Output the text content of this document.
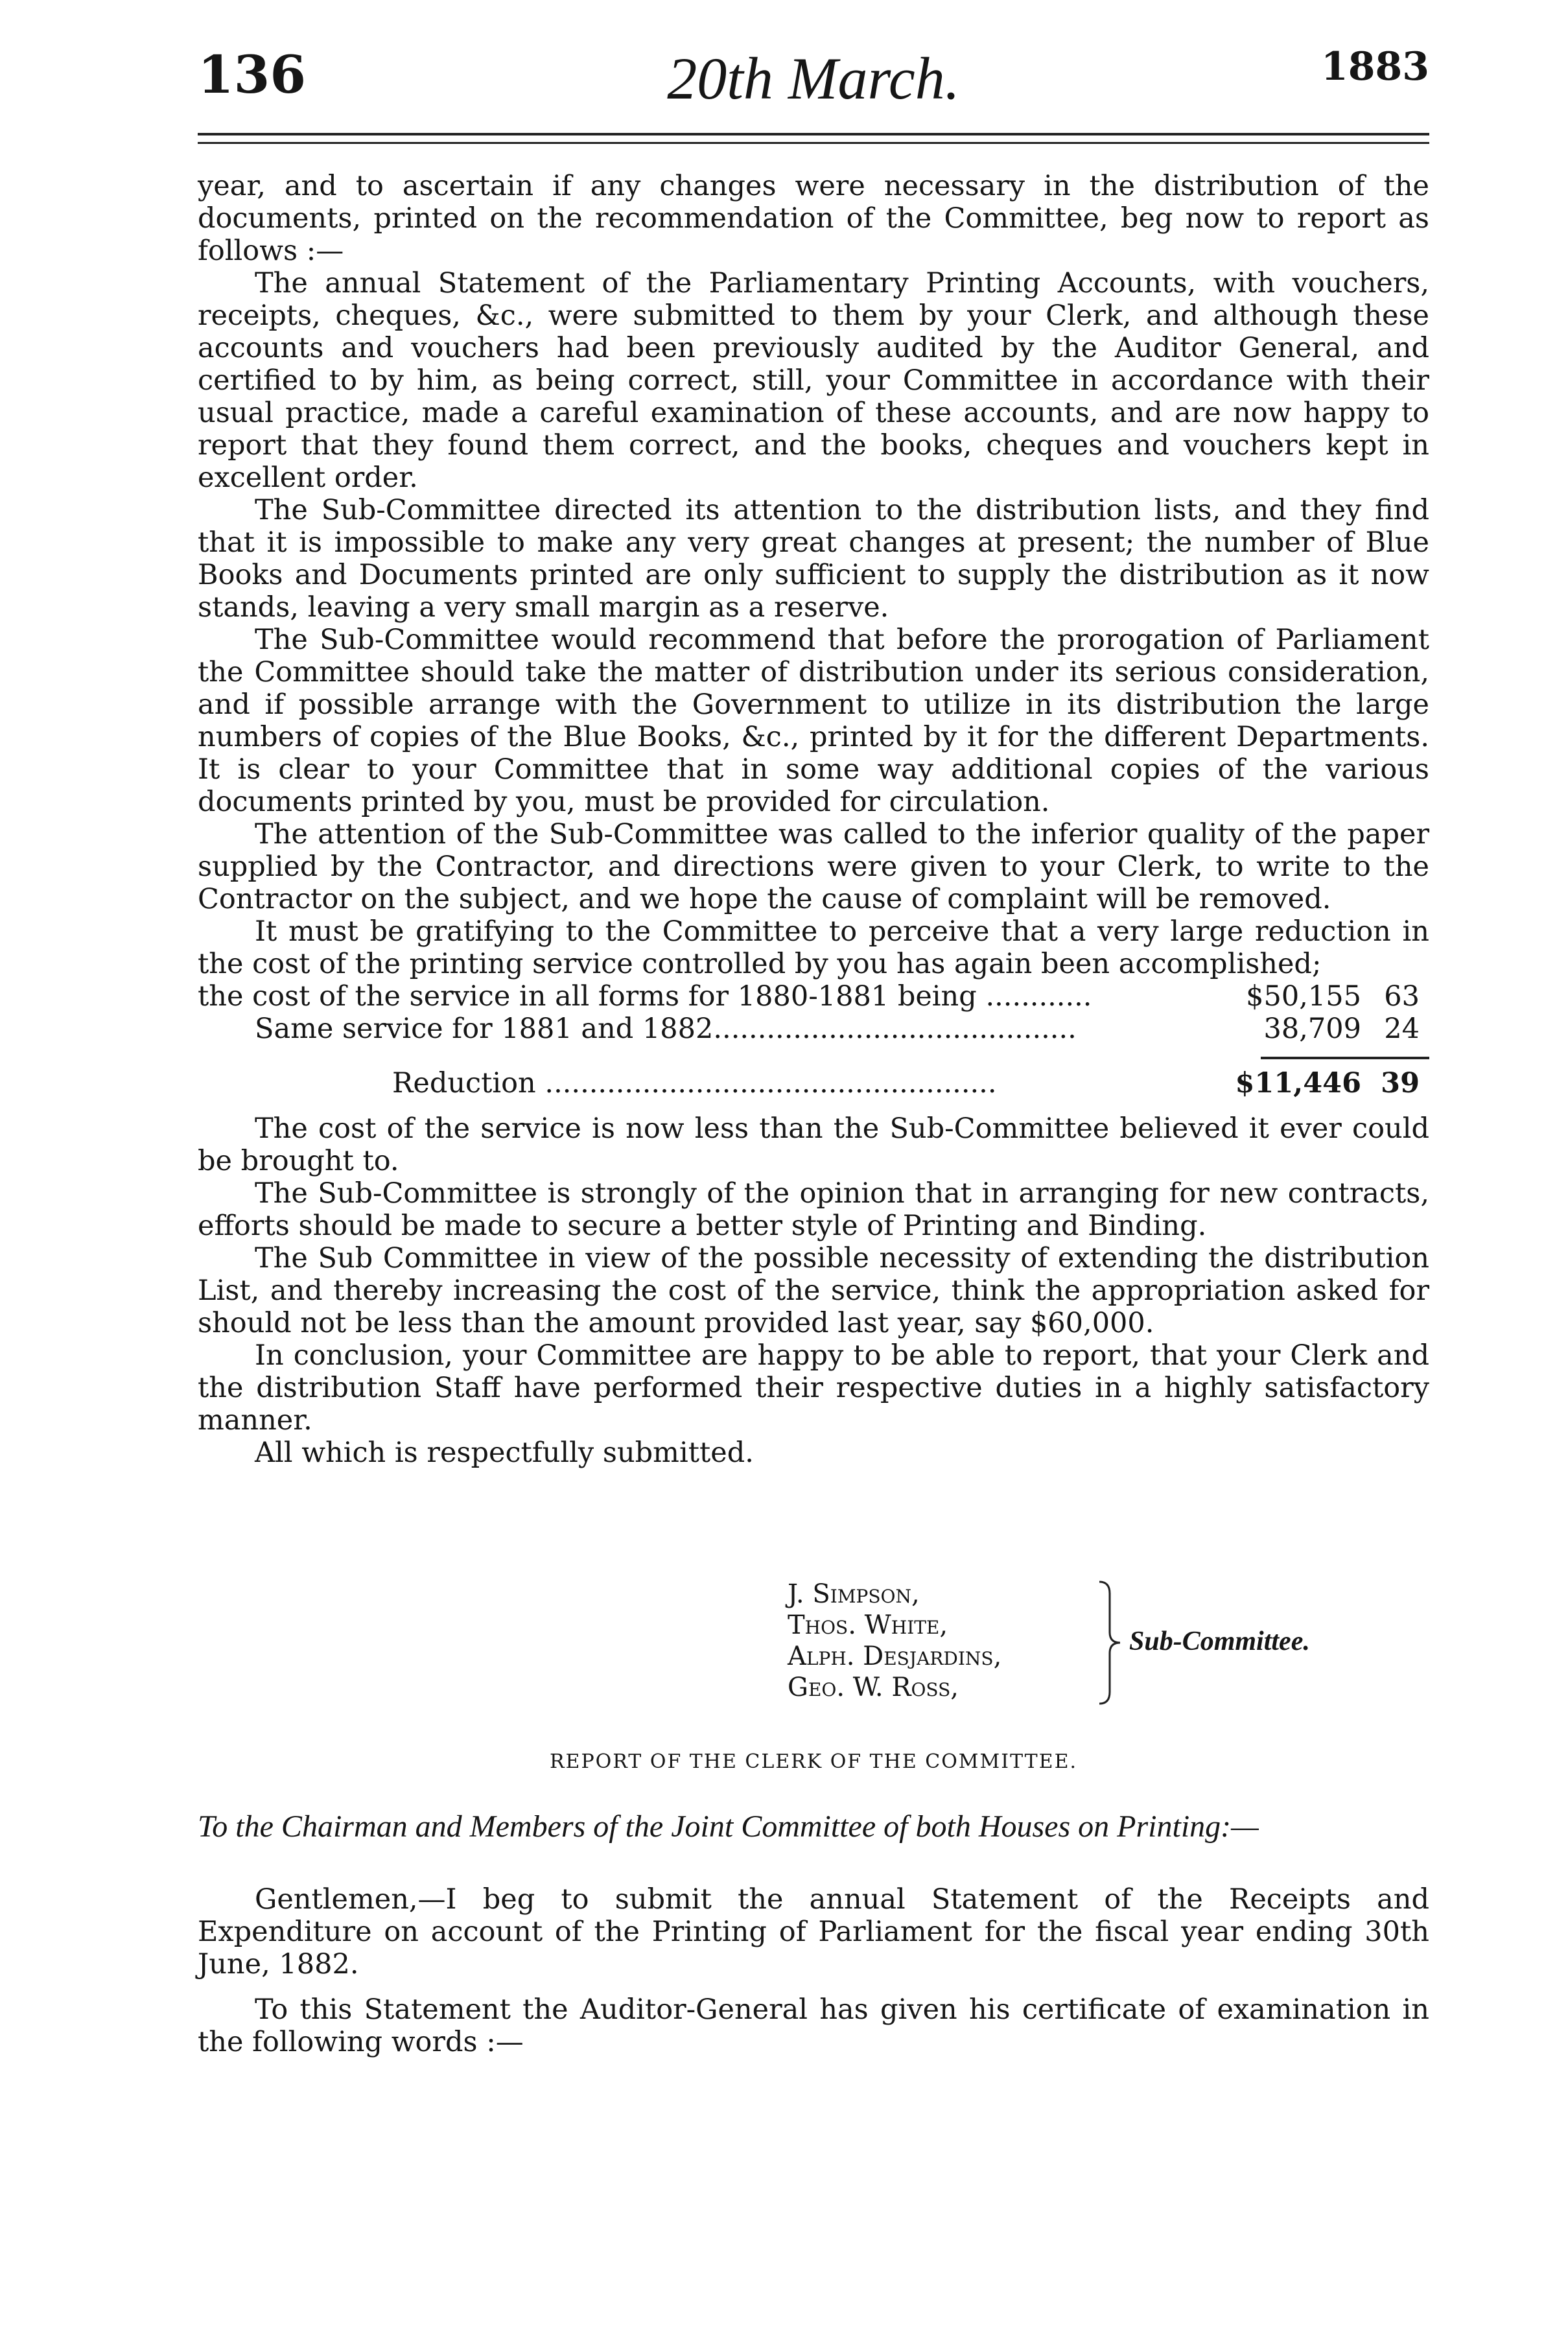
136	20th March.	1883

year, and to ascertain if any changes were necessary in the distribution of the documents, printed on the recommendation of the Committee, beg now to report as follows :—

The annual Statement of the Parliamentary Printing Accounts, with vouchers, receipts, cheques, &c., were submitted to them by your Clerk, and although these accounts and vouchers had been previously audited by the Auditor General, and certified to by him, as being correct, still, your Committee in accordance with their usual practice, made a careful examination of these accounts, and are now happy to report that they found them correct, and the books, cheques and vouchers kept in excellent order.

The Sub-Committee directed its attention to the distribution lists, and they find that it is impossible to make any very great changes at present; the number of Blue Books and Documents printed are only sufficient to supply the distribution as it now stands, leaving a very small margin as a reserve.

The Sub-Committee would recommend that before the prorogation of Parliament the Committee should take the matter of distribution under its serious consideration, and if possible arrange with the Government to utilize in its distribution the large numbers of copies of the Blue Books, &c., printed by it for the different Departments. It is clear to your Committee that in some way additional copies of the various documents printed by you, must be provided for circulation.

The attention of the Sub-Committee was called to the inferior quality of the paper supplied by the Contractor, and directions were given to your Clerk, to write to the Contractor on the subject, and we hope the cause of complaint will be removed.

It must be gratifying to the Committee to perceive that a very large reduction in the cost of the printing service controlled by you has again been accomplished;

the cost of the service in all forms for 1880-1881 being ............	$50,155 63
Same service for 1881 and 1882.........................................	38,709 24
Reduction ...................................................	$11,446 39

The cost of the service is now less than the Sub-Committee believed it ever could be brought to.

The Sub-Committee is strongly of the opinion that in arranging for new contracts, efforts should be made to secure a better style of Printing and Binding.

The Sub Committee in view of the possible necessity of extending the distribution List, and thereby increasing the cost of the service, think the appropriation asked for should not be less than the amount provided last year, say $60,000.

In conclusion, your Committee are happy to be able to report, that your Clerk and the distribution Staff have performed their respective duties in a highly satisfactory manner.

All which is respectfully submitted.

J. Simpson,
Thos. White,
Alph. Desjardins,
Geo. W. Ross,
Sub-Committee.
REPORT OF THE CLERK OF THE COMMITTEE.
To the Chairman and Members of the Joint Committee of both Houses on Printing:—

Gentlemen,—I beg to submit the annual Statement of the Receipts and Expenditure on account of the Printing of Parliament for the fiscal year ending 30th June, 1882.

To this Statement the Auditor-General has given his certificate of examination in the following words :—
